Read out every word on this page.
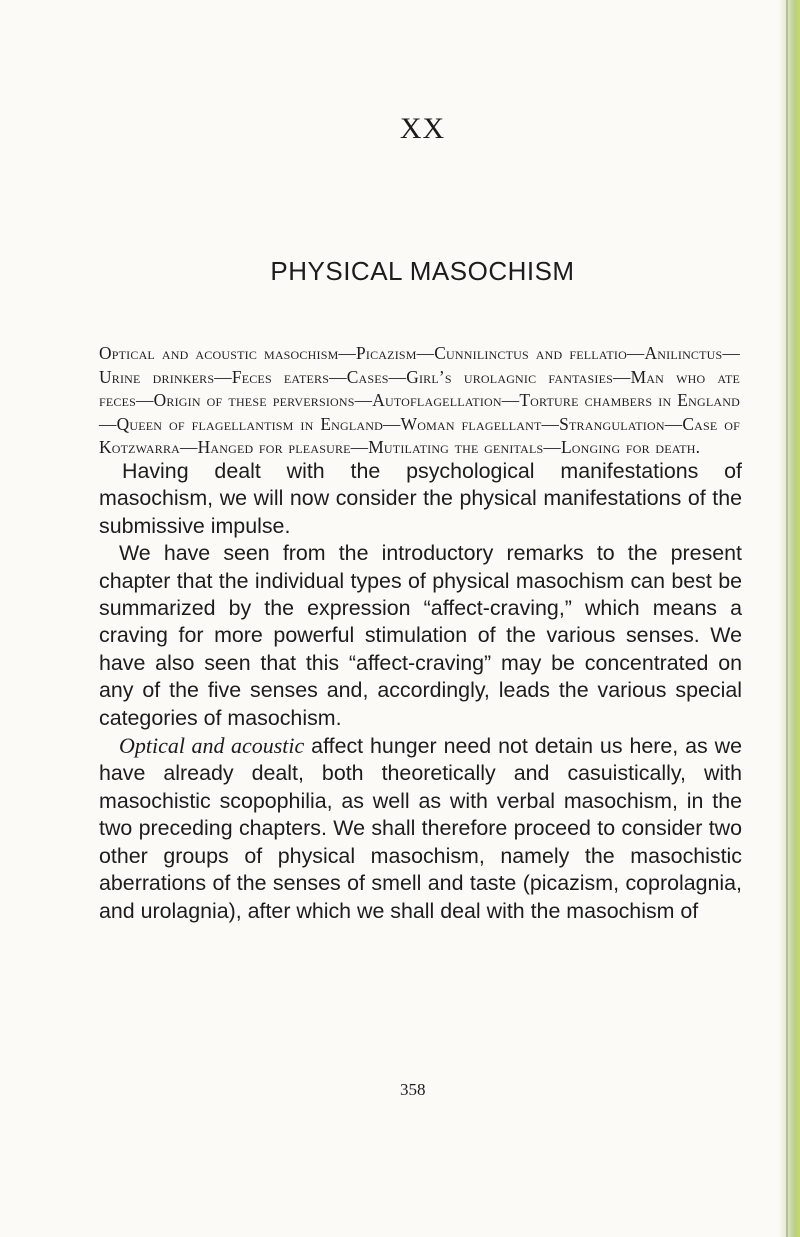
XX
PHYSICAL MASOCHISM
Optical and acoustic masochism—Picazism—Cunnilinctus and fellatio—Anilinctus—Urine drinkers—Feces eaters—Cases—Girl’s urolagnic fantasies—Man who ate feces—Origin of these perversions—Autoflagellation—Torture chambers in England—Queen of flagellantism in England—Woman flagellant—Strangulation—Case of Kotzwarra—Hanged for pleasure—Mutilating the genitals—Longing for death.

Having dealt with the psychological manifestations of masochism, we will now consider the physical manifestations of the submissive impulse.

We have seen from the introductory remarks to the present chapter that the individual types of physical masochism can best be summarized by the expression “affect-craving,” which means a craving for more powerful stimulation of the various senses. We have also seen that this “affect-craving” may be concentrated on any of the five senses and, accordingly, leads the various special categories of masochism.

Optical and acoustic affect hunger need not detain us here, as we have already dealt, both theoretically and casuistically, with masochistic scopophilia, as well as with verbal masochism, in the two preceding chapters. We shall therefore proceed to consider two other groups of physical masochism, namely the masochistic aberrations of the senses of smell and taste (picazism, coprolagnia, and urolagnia), after which we shall deal with the masochism of

358
